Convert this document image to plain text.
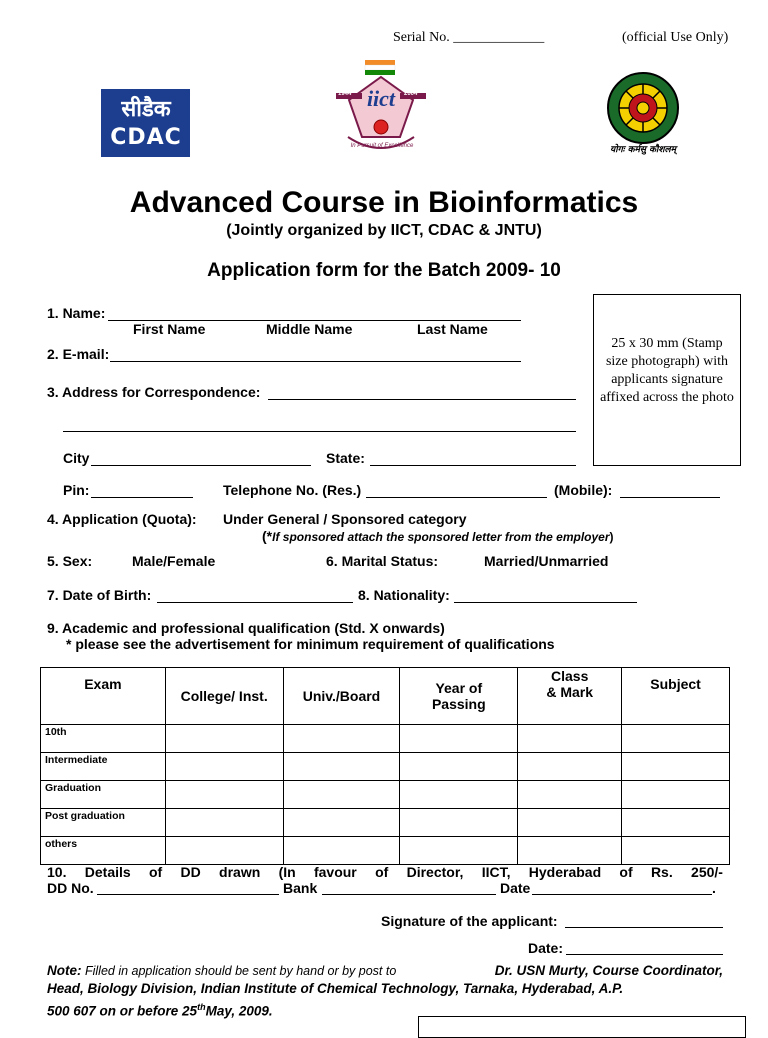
Serial No. _____________	(official Use Only)
सीडैक
CDAC
iict
1944	2004
In Pursuit of Excellence	योगः कर्मसु कौशलम्
Advanced Course in Bioinformatics
(Jointly organized by IICT, CDAC & JNTU)
Application form for the Batch 2009- 10
25 x 30 mm (Stamp size photograph) with applicants signature affixed across the photo
1. Name:
First Name	Middle Name	Last Name
2. E-mail:
3. Address for Correspondence:
City	State:
Pin:	Telephone No. (Res.)	(Mobile):
4. Application (Quota): Under General / Sponsored category
(*If sponsored attach the sponsored letter from the employer)
5. Sex:	Male/Female	6. Marital Status:	Married/Unmarried
7. Date of Birth:	8. Nationality:
9. Academic and professional qualification (Std. X onwards)
* please see the advertisement for minimum requirement of qualifications
Exam	College/ Inst.	Univ./Board	Year of Passing	Class & Mark	Subject
10th					
Intermediate					
Graduation					
Post graduation					
others					
10. Details of DD drawn (In favour of Director, IICT, Hyderabad of Rs. 250/-
DD No.	Bank	Date	.
Signature of the applicant:
Date:
Note: Filled in application should be sent by hand or by post to	Dr. USN Murty, Course Coordinator,
Head, Biology Division, Indian Institute of Chemical Technology, Tarnaka, Hyderabad, A.P.
500 607 on or before 25thMay, 2009.
